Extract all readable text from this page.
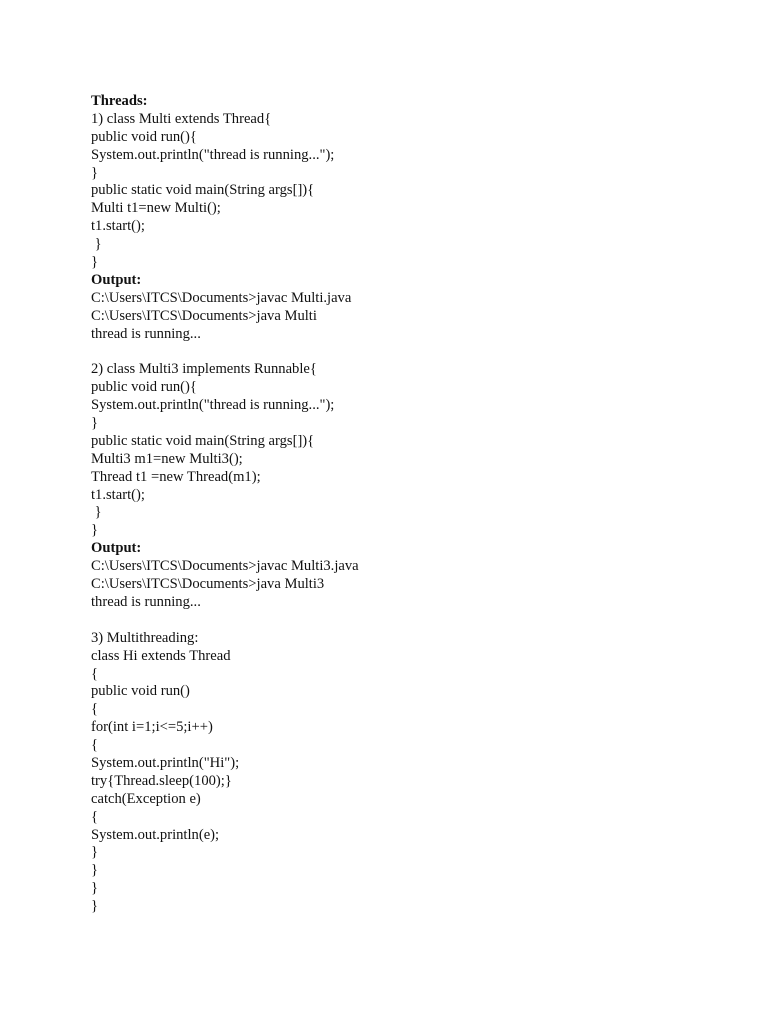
Threads:
1) class Multi extends Thread{
public void run(){
System.out.println("thread is running...");
}
public static void main(String args[]){
Multi t1=new Multi();
t1.start();
}
}
Output:
C:\Users\ITCS\Documents>javac Multi.java
C:\Users\ITCS\Documents>java Multi
thread is running...
2) class Multi3 implements Runnable{
public void run(){
System.out.println("thread is running...");
}
public static void main(String args[]){
Multi3 m1=new Multi3();
Thread t1 =new Thread(m1);
t1.start();
}
}
Output:
C:\Users\ITCS\Documents>javac Multi3.java
C:\Users\ITCS\Documents>java Multi3
thread is running...
3) Multithreading:
class Hi extends Thread
{
public void run()
{
for(int i=1;i<=5;i++)
{
System.out.println("Hi");
try{Thread.sleep(100);}
catch(Exception e)
{
System.out.println(e);
}
}
}
}
